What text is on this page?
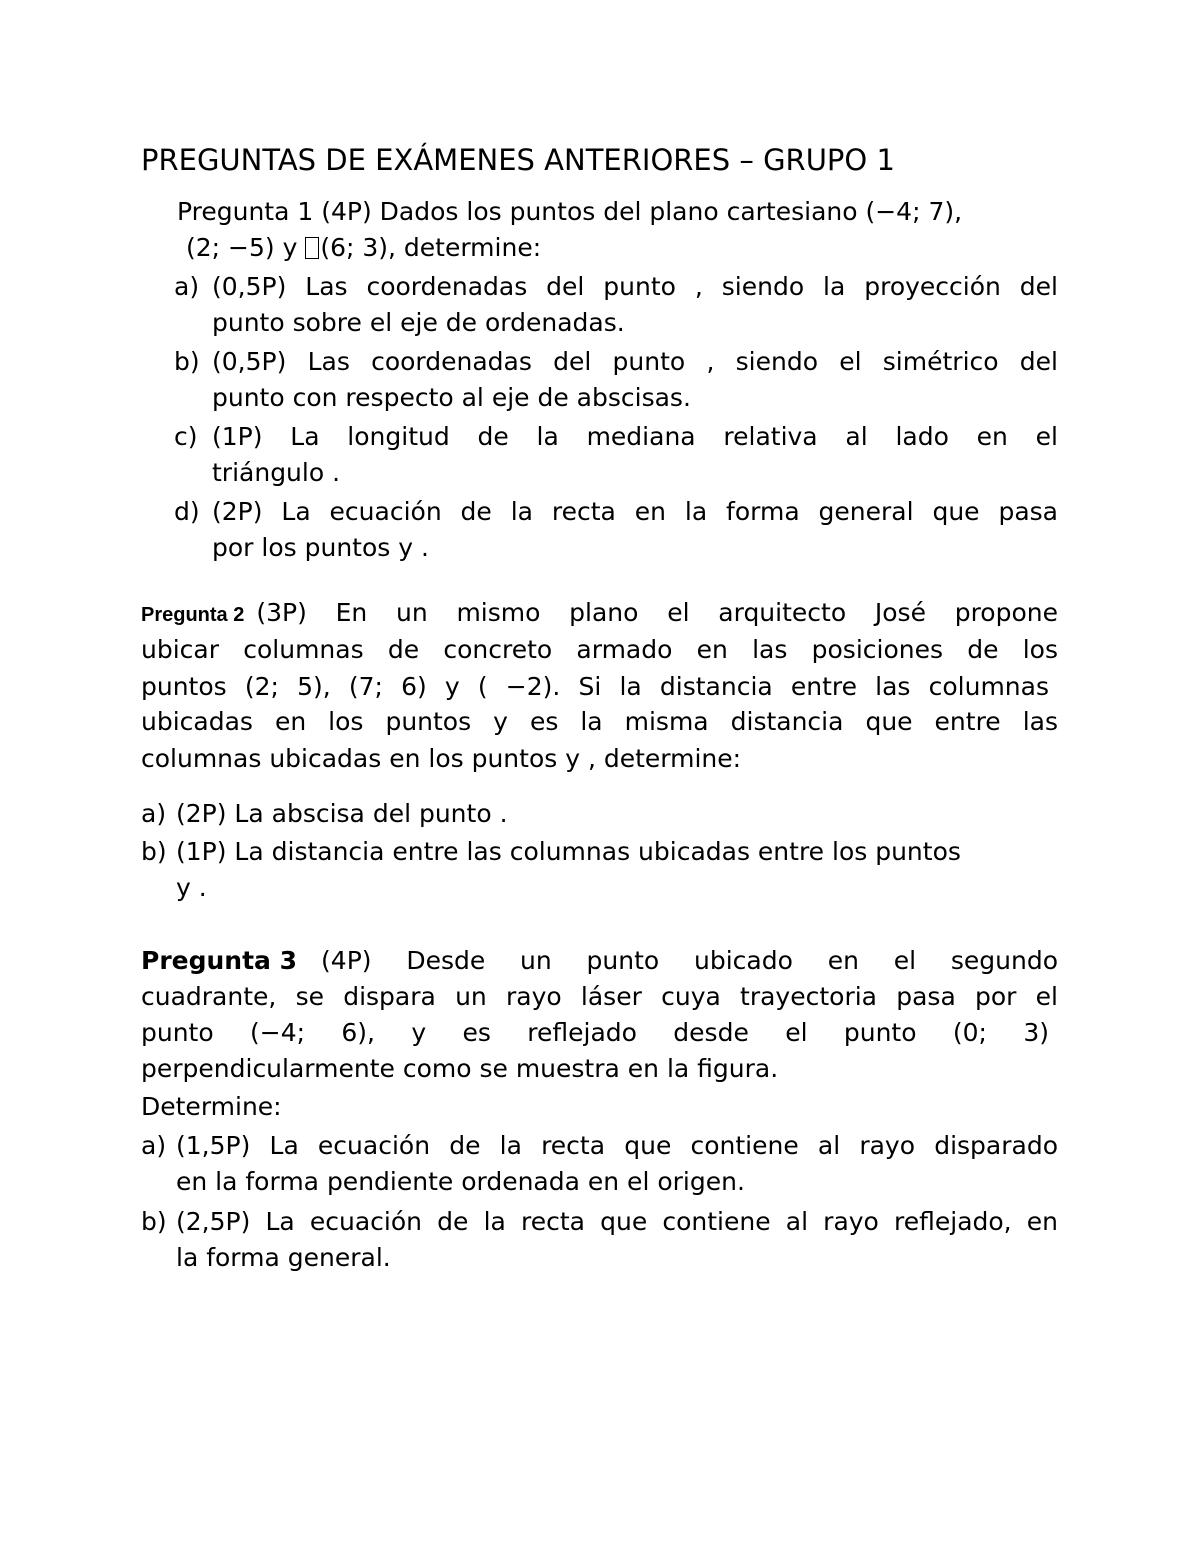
PREGUNTAS DE EXÁMENES ANTERIORES – GRUPO 1
Pregunta 1 (4P) Dados los puntos del plano cartesiano (−4; 7),
(2; −5) y (6; 3), determine:
a) (0,5P) Las coordenadas del punto , siendo la proyección del
punto sobre el eje de ordenadas.
b) (0,5P) Las coordenadas del punto , siendo el simétrico del
punto con respecto al eje de abscisas.
c) (1P) La longitud de la mediana relativa al lado en el
triángulo .
d) (2P) La ecuación de la recta en la forma general que pasa
por los puntos y .
Pregunta 2 (3P) En un mismo plano el arquitecto José propone
ubicar columnas de concreto armado en las posiciones de los
puntos (2; 5), (7; 6) y ( −2). Si la distancia entre las columnas
ubicadas en los puntos y es la misma distancia que entre las
columnas ubicadas en los puntos y , determine:
a) (2P) La abscisa del punto .
b) (1P) La distancia entre las columnas ubicadas entre los puntos
y .
Pregunta 3 (4P) Desde un punto ubicado en el segundo
cuadrante, se dispara un rayo láser cuya trayectoria pasa por el
punto (−4; 6), y es reflejado desde el punto (0; 3)
perpendicularmente como se muestra en la figura.
Determine:
a) (1,5P) La ecuación de la recta que contiene al rayo disparado
en la forma pendiente ordenada en el origen.
b) (2,5P) La ecuación de la recta que contiene al rayo reflejado, en
la forma general.
